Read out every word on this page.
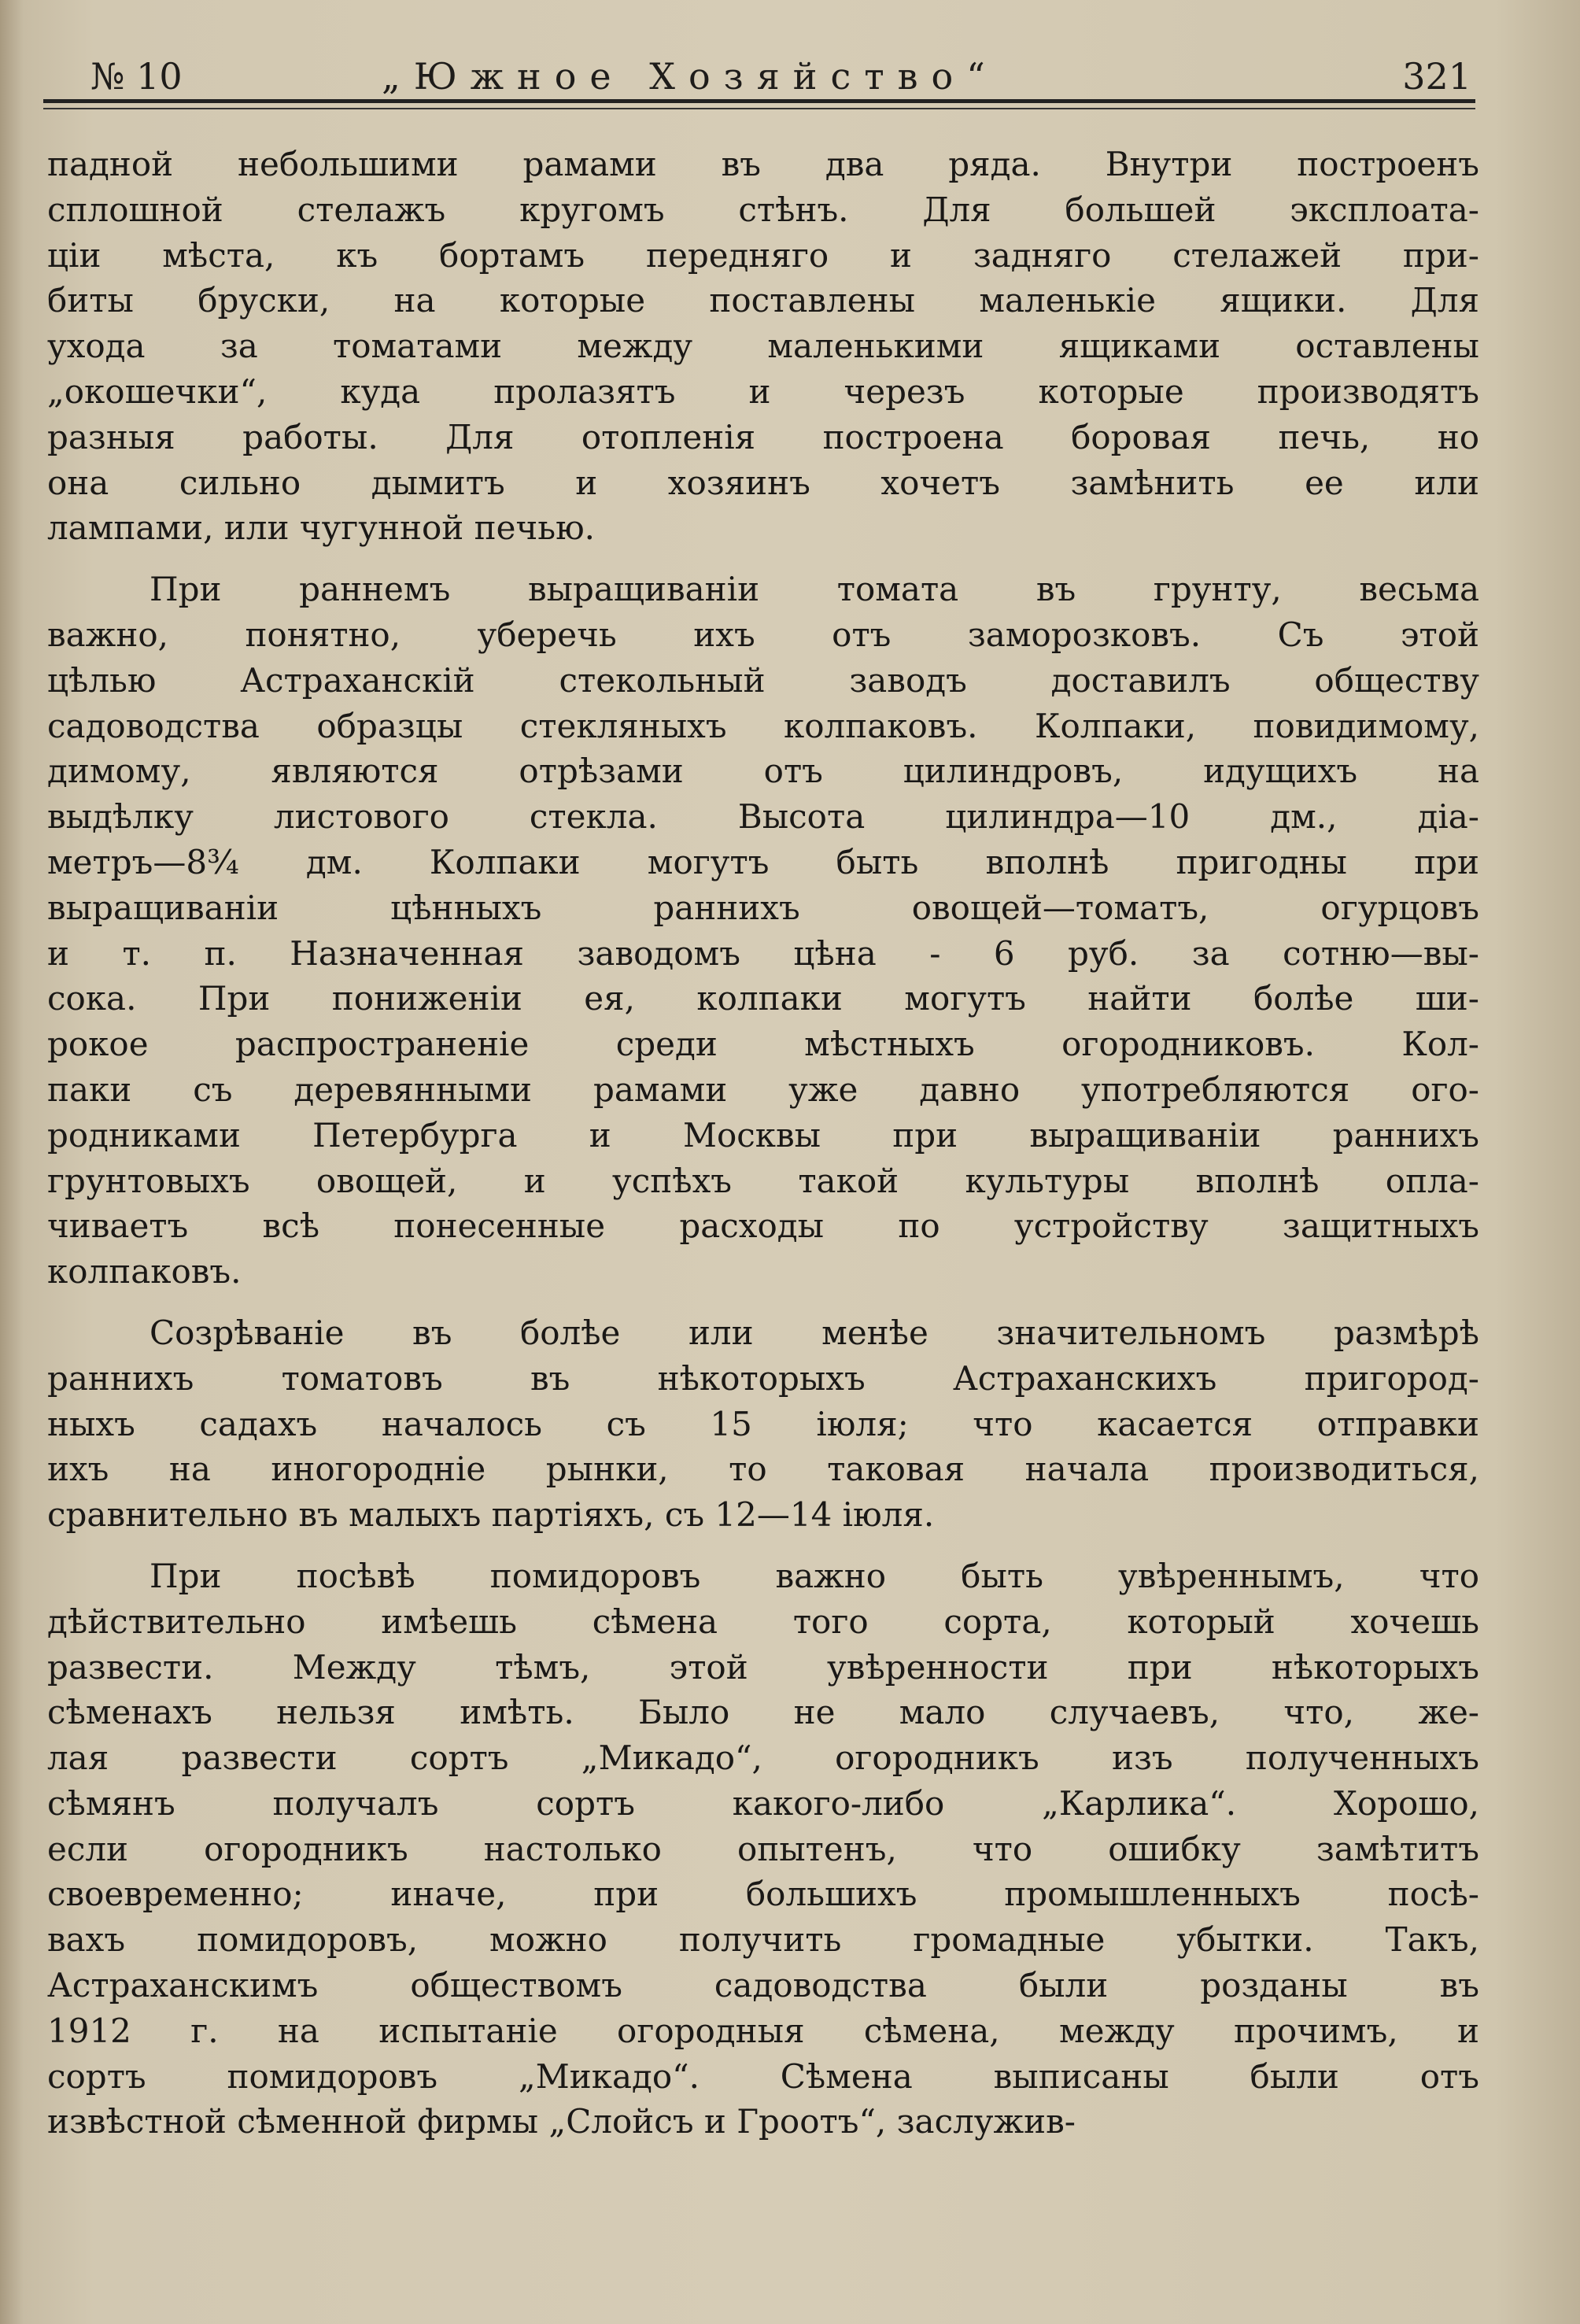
№ 10	„Южное Хозяйство“	321
падной небольшими рамами въ два ряда. Внутри построенъ
сплошной стелажъ кругомъ стѣнъ. Для большей эксплоата-
ціи мѣста, къ бортамъ передняго и задняго стелажей при-
биты бруски, на которые поставлены маленькіе ящики. Для
ухода за томатами между маленькими ящиками оставлены
„окошечки“, куда пролазятъ и черезъ которые производятъ
разныя работы. Для отопленія построена боровая печь, но
она сильно дымитъ и хозяинъ хочетъ замѣнить ее или
лампами, или чугунной печью.
При раннемъ выращиваніи томата въ грунту, весьма
важно, понятно, уберечь ихъ отъ заморозковъ. Съ этой
цѣлью Астраханскій стекольный заводъ доставилъ обществу
садоводства образцы стекляныхъ колпаковъ. Колпаки, повидимому,
димому, являются отрѣзами отъ цилиндровъ, идущихъ на
выдѣлку листового стекла. Высота цилиндра—10 дм., діа-
метръ—8¾ дм. Колпаки могутъ быть вполнѣ пригодны при
выращиваніи цѣнныхъ раннихъ овощей—томатъ, огурцовъ
и т. п. Назначенная заводомъ цѣна - 6 руб. за сотню—вы-
сока. При пониженіи ея, колпаки могутъ найти болѣе ши-
рокое распространеніе среди мѣстныхъ огородниковъ. Кол-
паки съ деревянными рамами уже давно употребляются ого-
родниками Петербурга и Москвы при выращиваніи раннихъ
грунтовыхъ овощей, и успѣхъ такой культуры вполнѣ опла-
чиваетъ всѣ понесенные расходы по устройству защитныхъ
колпаковъ.
Созрѣваніе въ болѣе или менѣе значительномъ размѣрѣ
раннихъ томатовъ въ нѣкоторыхъ Астраханскихъ пригород-
ныхъ садахъ началось съ 15 іюля; что касается отправки
ихъ на иногородніе рынки, то таковая начала производиться,
сравнительно въ малыхъ партіяхъ, съ 12—14 іюля.
При посѣвѣ помидоровъ важно быть увѣреннымъ, что
дѣйствительно имѣешь сѣмена того сорта, который хочешь
развести. Между тѣмъ, этой увѣренности при нѣкоторыхъ
сѣменахъ нельзя имѣть. Было не мало случаевъ, что, же-
лая развести сортъ „Микадо“, огородникъ изъ полученныхъ
сѣмянъ получалъ сортъ какого-либо „Карлика“. Хорошо,
если огородникъ настолько опытенъ, что ошибку замѣтитъ
своевременно; иначе, при большихъ промышленныхъ посѣ-
вахъ помидоровъ, можно получить громадные убытки. Такъ,
Астраханскимъ обществомъ садоводства были розданы въ
1912 г. на испытаніе огородныя сѣмена, между прочимъ, и
сортъ помидоровъ „Микадо“. Сѣмена выписаны были отъ
извѣстной сѣменной фирмы „Слойсъ и Гроотъ“, заслужив-
